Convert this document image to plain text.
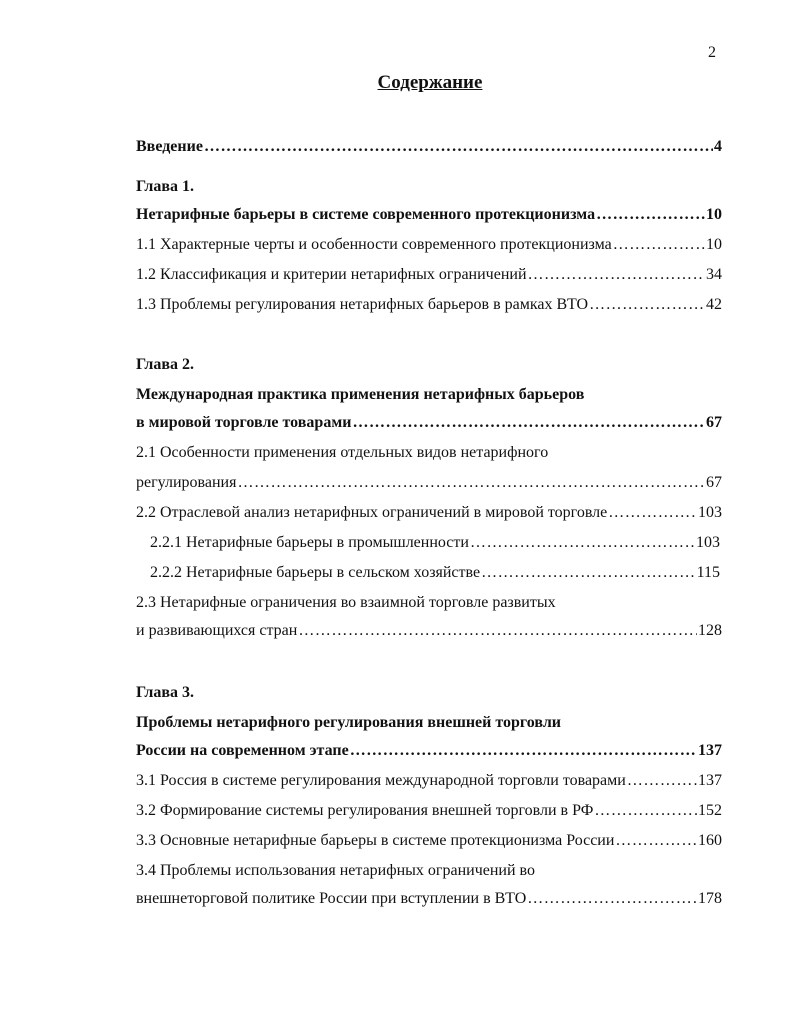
2
Содержание
Введение …………………………………………………………………………………………………………………………………………………………………	4
Глава 1.
Нетарифные барьеры в системе современного протекционизма …………………………………………………………………………………………………………………………………………………………………	10
1.1 Характерные черты и особенности современного протекционизма …………………………………………………………………………………………………………………………………………………………………	10
1.2 Классификация и критерии нетарифных ограничений …………………………………………………………………………………………………………………………………………………………………	34
1.3 Проблемы регулирования нетарифных барьеров в рамках ВТО …………………………………………………………………………………………………………………………………………………………………	42
Глава 2.
Международная практика применения нетарифных барьеров
в мировой торговле товарами …………………………………………………………………………………………………………………………………………………………………	67
2.1 Особенности применения отдельных видов нетарифного
регулирования …………………………………………………………………………………………………………………………………………………………………	67
2.2 Отраслевой анализ нетарифных ограничений в мировой торговле …………………………………………………………………………………………………………………………………………………………………	103
2.2.1 Нетарифные барьеры в промышленности …………………………………………………………………………………………………………………………………………………………………	103
2.2.2 Нетарифные барьеры в сельском хозяйстве …………………………………………………………………………………………………………………………………………………………………	115
2.3 Нетарифные ограничения во взаимной торговле развитых
и развивающихся стран …………………………………………………………………………………………………………………………………………………………………	128
Глава 3.
Проблемы нетарифного регулирования внешней торговли
России на современном этапе …………………………………………………………………………………………………………………………………………………………………	137
3.1 Россия в системе регулирования международной торговли товарами …………………………………………………………………………………………………………………………………………………………………	137
3.2 Формирование системы регулирования внешней торговли в РФ …………………………………………………………………………………………………………………………………………………………………	152
3.3 Основные нетарифные барьеры в системе протекционизма России …………………………………………………………………………………………………………………………………………………………………	160
3.4 Проблемы использования нетарифных ограничений во
внешнеторговой политике России при вступлении в ВТО …………………………………………………………………………………………………………………………………………………………………	178
